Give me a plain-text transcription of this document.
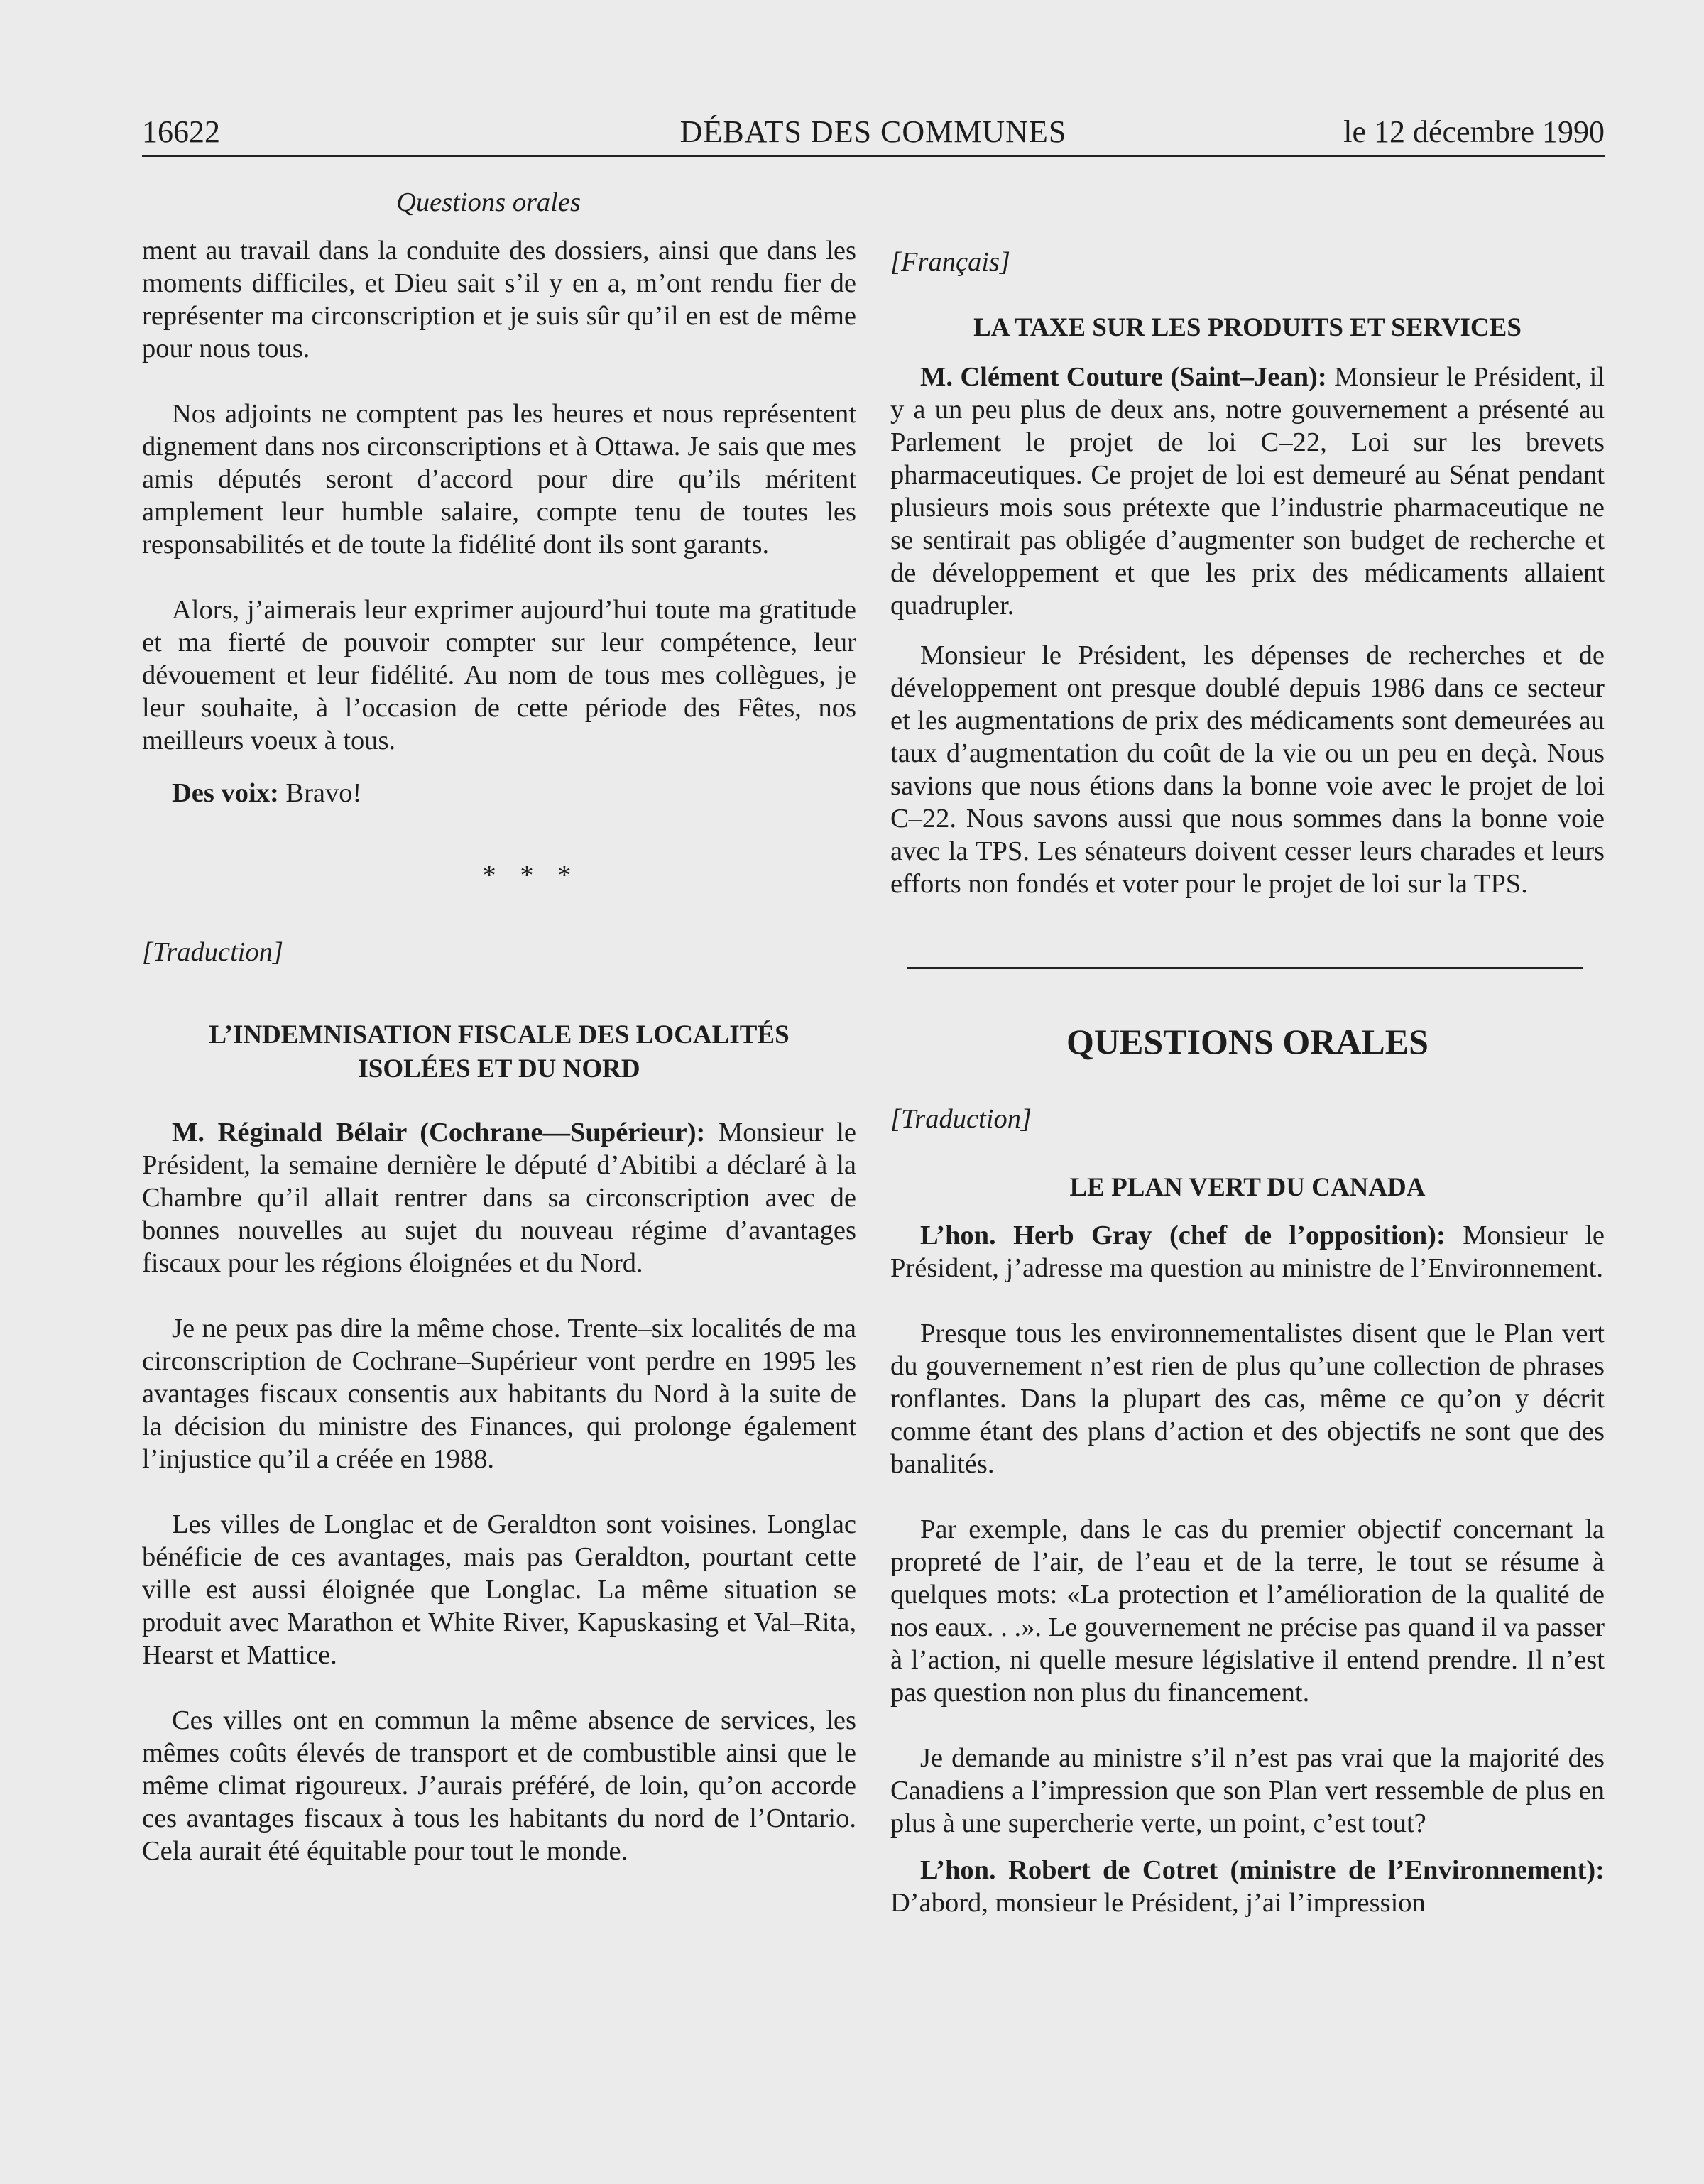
16622	DÉBATS DES COMMUNES	le 12 décembre 1990

Questions orales

ment au travail dans la conduite des dossiers, ainsi que dans les moments difficiles, et Dieu sait s’il y en a, m’ont rendu fier de représenter ma circonscription et je suis sûr qu’il en est de même pour nous tous.

Nos adjoints ne comptent pas les heures et nous représentent dignement dans nos circonscriptions et à Ottawa. Je sais que mes amis députés seront d’accord pour dire qu’ils méritent amplement leur humble salaire, compte tenu de toutes les responsabilités et de toute la fidélité dont ils sont garants.

Alors, j’aimerais leur exprimer aujourd’hui toute ma gratitude et ma fierté de pouvoir compter sur leur compétence, leur dévouement et leur fidélité. Au nom de tous mes collègues, je leur souhaite, à l’occasion de cette période des Fêtes, nos meilleurs voeux à tous.

Des voix: Bravo!

* * *

[Traduction]

L’INDEMNISATION FISCALE DES LOCALITÉS

ISOLÉES ET DU NORD

M. Réginald Bélair (Cochrane—Supérieur): Monsieur le Président, la semaine dernière le député d’Abitibi a déclaré à la Chambre qu’il allait rentrer dans sa circonscription avec de bonnes nouvelles au sujet du nouveau régime d’avantages fiscaux pour les régions éloignées et du Nord.

Je ne peux pas dire la même chose. Trente–six localités de ma circonscription de Cochrane–Supérieur vont perdre en 1995 les avantages fiscaux consentis aux habitants du Nord à la suite de la décision du ministre des Finances, qui prolonge également l’injustice qu’il a créée en 1988.

Les villes de Longlac et de Geraldton sont voisines. Longlac bénéficie de ces avantages, mais pas Geraldton, pourtant cette ville est aussi éloignée que Longlac. La même situation se produit avec Marathon et White River, Kapuskasing et Val–Rita, Hearst et Mattice.

Ces villes ont en commun la même absence de services, les mêmes coûts élevés de transport et de combustible ainsi que le même climat rigoureux. J’aurais préféré, de loin, qu’on accorde ces avantages fiscaux à tous les habitants du nord de l’Ontario. Cela aurait été équitable pour tout le monde.

[Français]

LA TAXE SUR LES PRODUITS ET SERVICES

M. Clément Couture (Saint–Jean): Monsieur le Président, il y a un peu plus de deux ans, notre gouvernement a présenté au Parlement le projet de loi C–22, Loi sur les brevets pharmaceutiques. Ce projet de loi est demeuré au Sénat pendant plusieurs mois sous prétexte que l’industrie pharmaceutique ne se sentirait pas obligée d’augmenter son budget de recherche et de développement et que les prix des médicaments allaient quadrupler.

Monsieur le Président, les dépenses de recherches et de développement ont presque doublé depuis 1986 dans ce secteur et les augmentations de prix des médicaments sont demeurées au taux d’augmentation du coût de la vie ou un peu en deçà. Nous savions que nous étions dans la bonne voie avec le projet de loi C–22. Nous savons aussi que nous sommes dans la bonne voie avec la TPS. Les sénateurs doivent cesser leurs charades et leurs efforts non fondés et voter pour le projet de loi sur la TPS.

QUESTIONS ORALES

[Traduction]

LE PLAN VERT DU CANADA

L’hon. Herb Gray (chef de l’opposition): Monsieur le Président, j’adresse ma question au ministre de l’Environnement.

Presque tous les environnementalistes disent que le Plan vert du gouvernement n’est rien de plus qu’une collection de phrases ronflantes. Dans la plupart des cas, même ce qu’on y décrit comme étant des plans d’action et des objectifs ne sont que des banalités.

Par exemple, dans le cas du premier objectif concernant la propreté de l’air, de l’eau et de la terre, le tout se résume à quelques mots: «La protection et l’amélioration de la qualité de nos eaux. . .». Le gouvernement ne précise pas quand il va passer à l’action, ni quelle mesure législative il entend prendre. Il n’est pas question non plus du financement.

Je demande au ministre s’il n’est pas vrai que la majorité des Canadiens a l’impression que son Plan vert ressemble de plus en plus à une supercherie verte, un point, c’est tout?

L’hon. Robert de Cotret (ministre de l’Environnement): D’abord, monsieur le Président, j’ai l’impression
